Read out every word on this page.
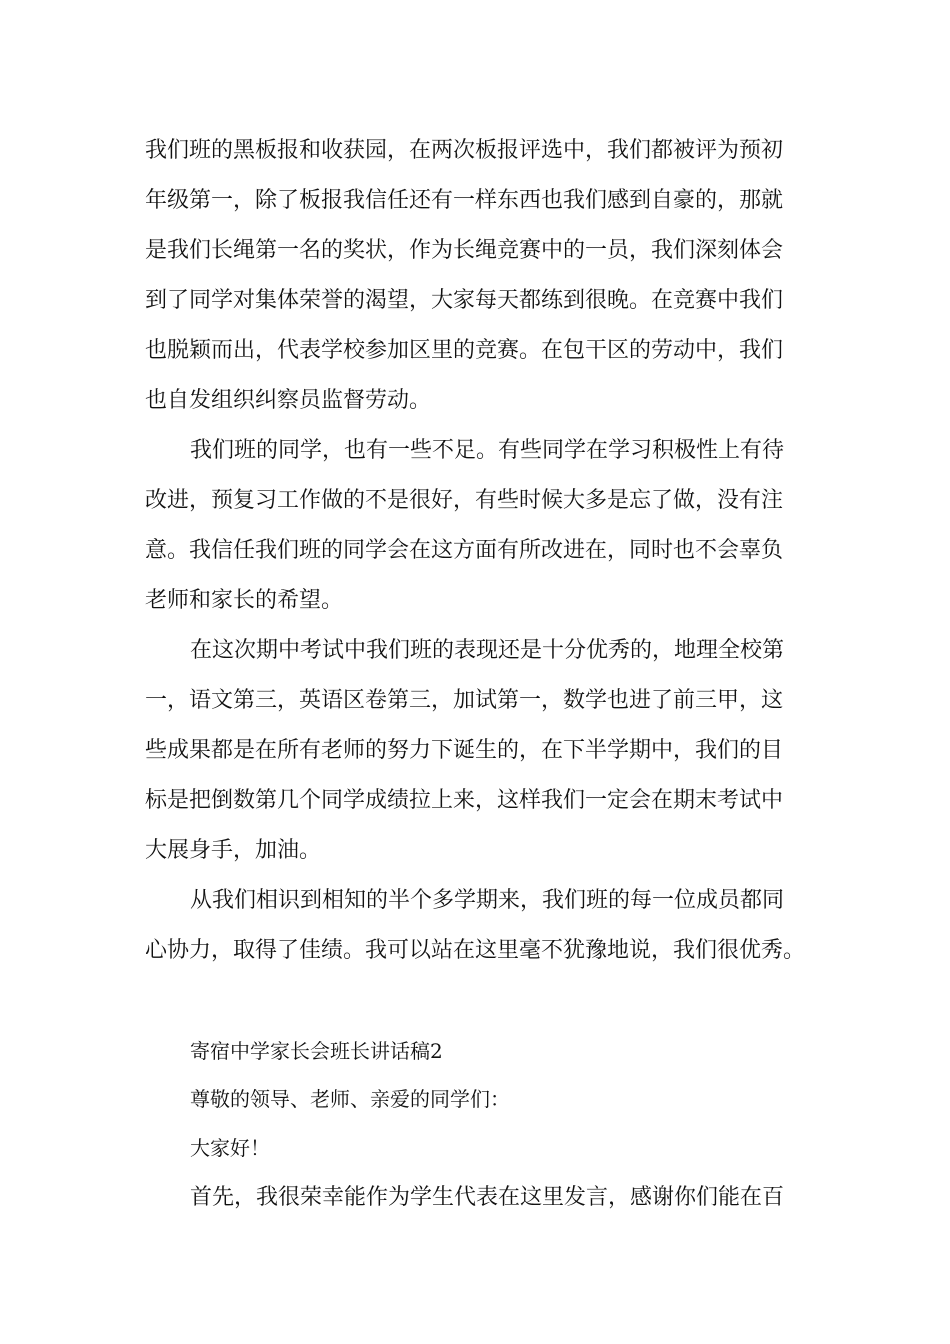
我们班的黑板报和收获园，在两次板报评选中，我们都被评为预初
年级第一，除了板报我信任还有一样东西也我们感到自豪的，那就
是我们长绳第一名的奖状，作为长绳竞赛中的一员，我们深刻体会
到了同学对集体荣誉的渴望，大家每天都练到很晚。在竞赛中我们
也脱颖而出，代表学校参加区里的竞赛。在包干区的劳动中，我们
也自发组织纠察员监督劳动。
我们班的同学，也有一些不足。有些同学在学习积极性上有待
改进，预复习工作做的不是很好，有些时候大多是忘了做，没有注
意。我信任我们班的同学会在这方面有所改进在，同时也不会辜负
老师和家长的希望。
在这次期中考试中我们班的表现还是十分优秀的，地理全校第
一，语文第三，英语区卷第三，加试第一，数学也进了前三甲，这
些成果都是在所有老师的努力下诞生的，在下半学期中，我们的目
标是把倒数第几个同学成绩拉上来，这样我们一定会在期末考试中
大展身手，加油。
从我们相识到相知的半个多学期来，我们班的每一位成员都同
心协力，取得了佳绩。我可以站在这里毫不犹豫地说，我们很优秀。
寄宿中学家长会班长讲话稿2
尊敬的领导、老师、亲爱的同学们：
大家好！
首先，我很荣幸能作为学生代表在这里发言，感谢你们能在百
